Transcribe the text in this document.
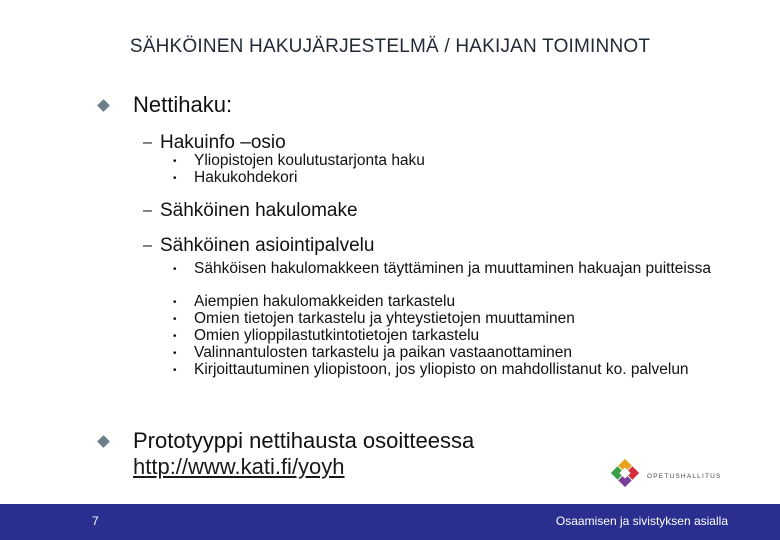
SÄHKÖINEN HAKUJÄRJESTELMÄ / HAKIJAN TOIMINNOT
Nettihaku:
– Hakuinfo –osio
• Yliopistojen koulutustarjonta haku
• Hakukohdekori
– Sähköinen hakulomake
– Sähköinen asiointipalvelu
• Sähköisen hakulomakkeen täyttäminen ja muuttaminen hakuajan puitteissa
• Aiempien hakulomakkeiden tarkastelu
• Omien tietojen tarkastelu ja yhteystietojen muuttaminen
• Omien ylioppilastutkintotietojen tarkastelu
• Valinnantulosten tarkastelu ja paikan vastaanottaminen
• Kirjoittautuminen yliopistoon, jos yliopisto on mahdollistanut ko. palvelun
Prototyyppi nettihausta osoitteessa
http://www.kati.fi/yoyh	OPETUSHALLITUS
7	Osaamisen ja sivistyksen asialla
